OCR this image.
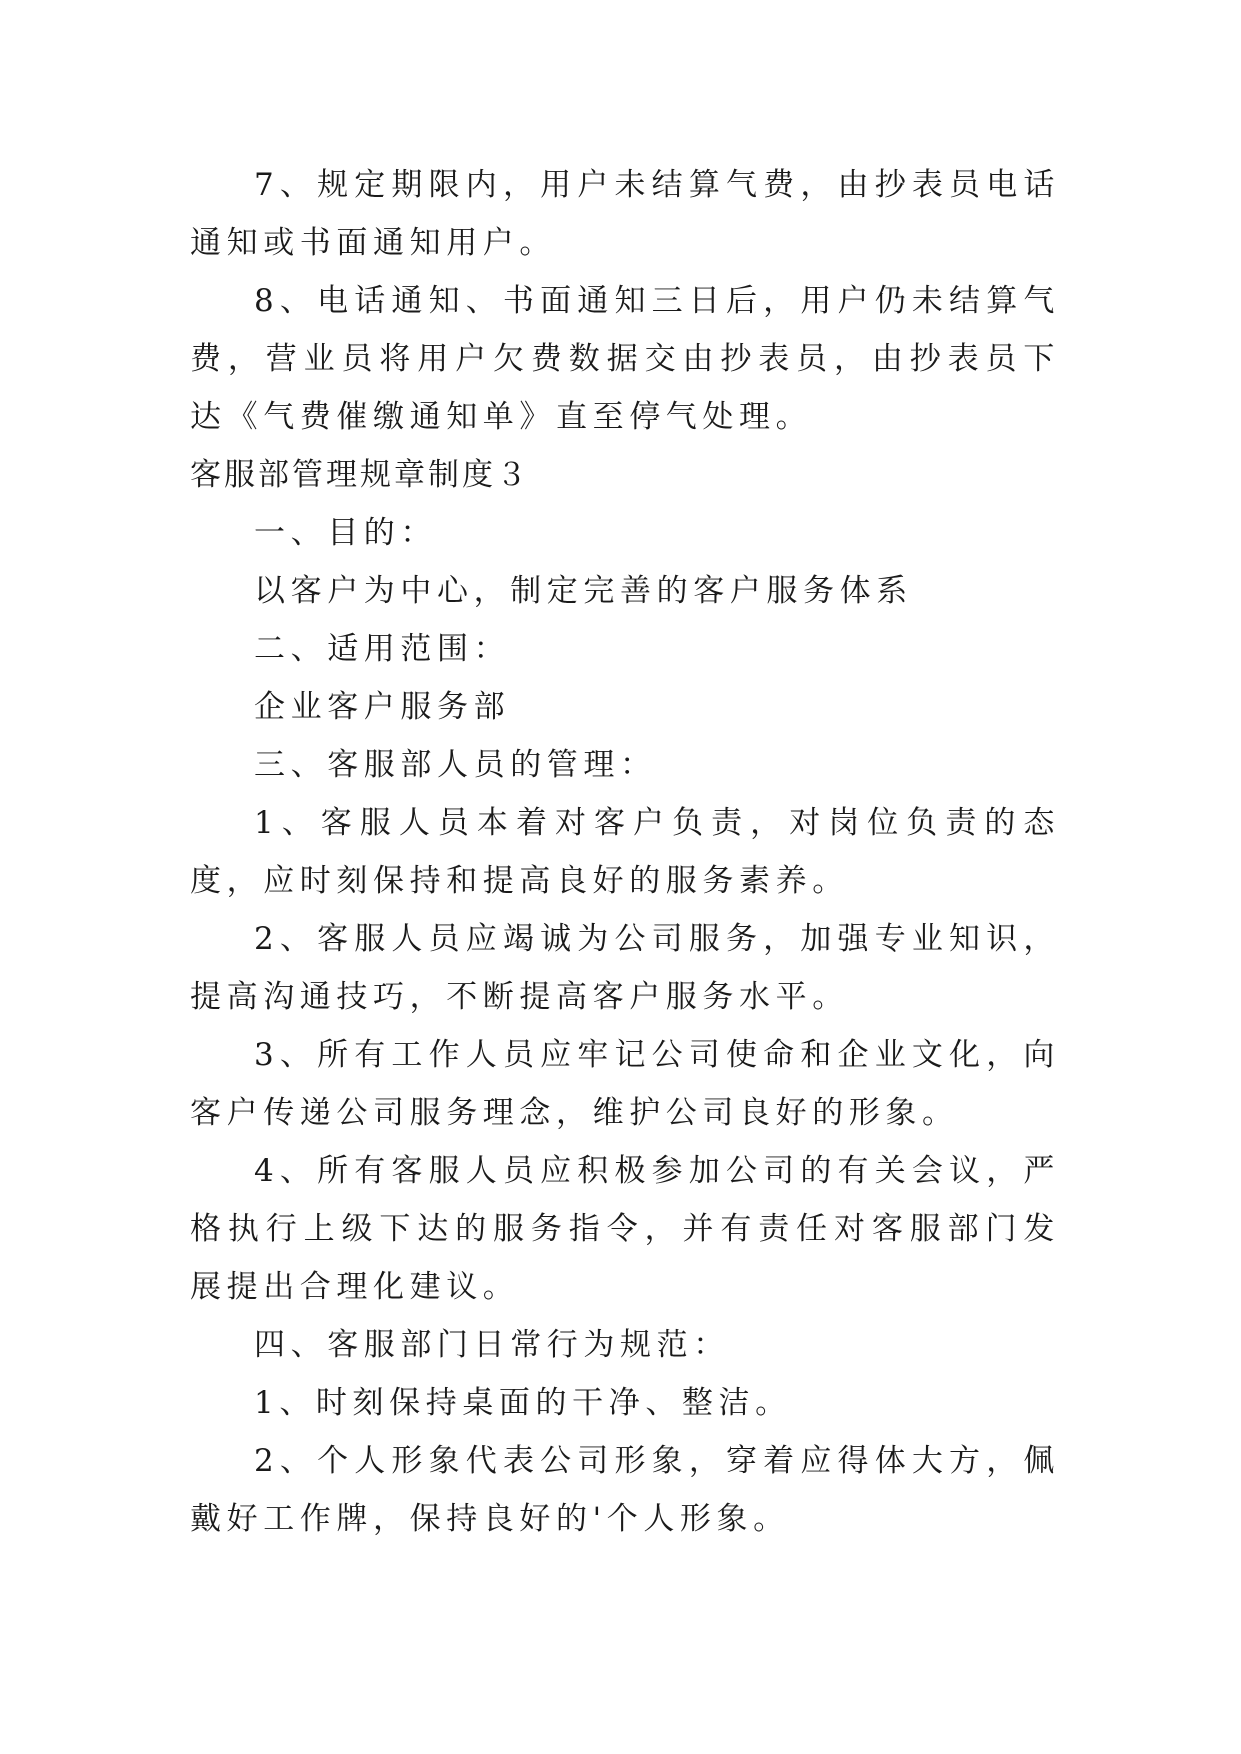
7、规定期限内，用户未结算气费，由抄表员电话通知或书面通知用户。

8、电话通知、书面通知三日后，用户仍未结算气费，营业员将用户欠费数据交由抄表员，由抄表员下达《气费催缴通知单》直至停气处理。

客服部管理规章制度３

一、目的：

以客户为中心，制定完善的客户服务体系

二、适用范围：

企业客户服务部

三、客服部人员的管理：

1、客服人员本着对客户负责，对岗位负责的态度，应时刻保持和提高良好的服务素养。

2、客服人员应竭诚为公司服务，加强专业知识，提高沟通技巧，不断提高客户服务水平。

3、所有工作人员应牢记公司使命和企业文化，向客户传递公司服务理念，维护公司良好的形象。

4、所有客服人员应积极参加公司的有关会议，严格执行上级下达的服务指令，并有责任对客服部门发展提出合理化建议。

四、客服部门日常行为规范：

1、时刻保持桌面的干净、整洁。

2、个人形象代表公司形象，穿着应得体大方，佩戴好工作牌，保持良好的'个人形象。
